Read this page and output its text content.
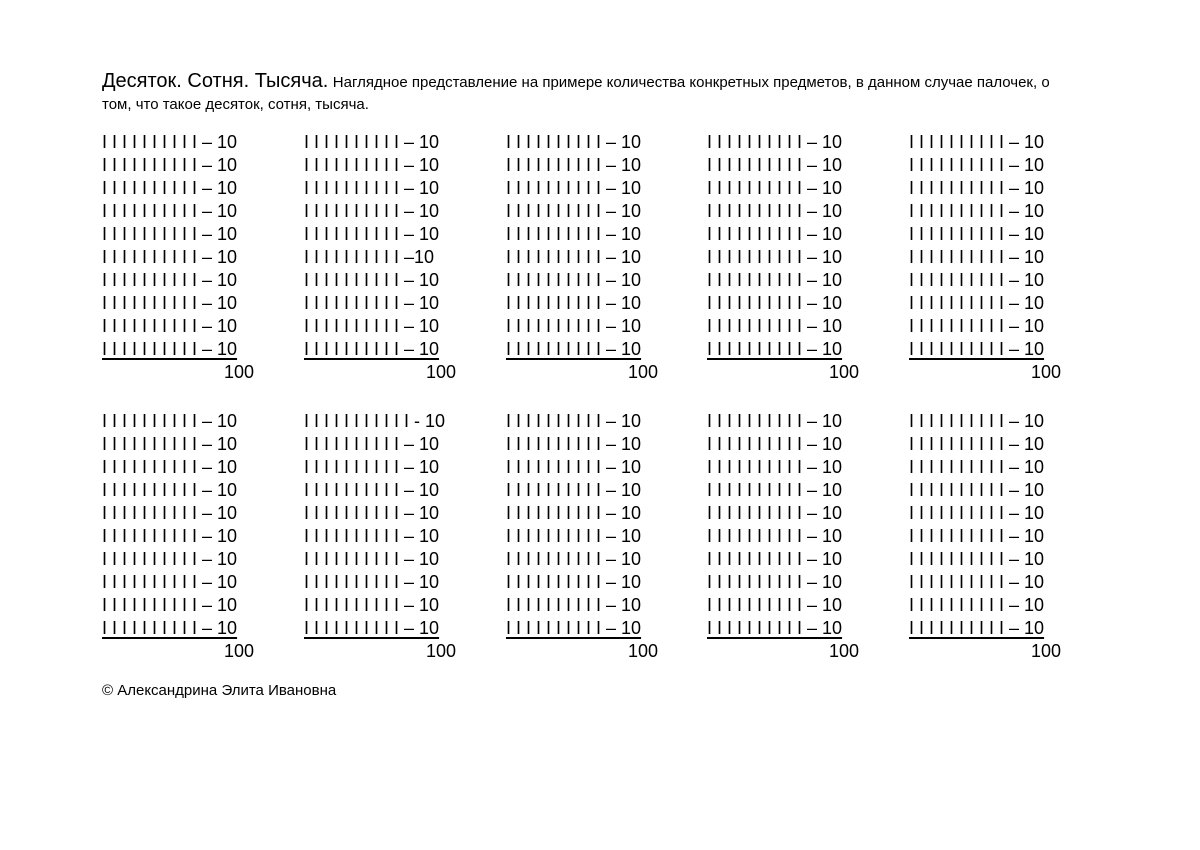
Десяток. Сотня. Тысяча. Наглядное представление на примере количества конкретных предметов, в данном случае палочек, о том, что такое десяток, сотня, тысяча.
I I I I I I I I I I – 10
I I I I I I I I I I – 10
I I I I I I I I I I – 10
I I I I I I I I I I – 10
I I I I I I I I I I – 10
I I I I I I I I I I – 10
I I I I I I I I I I – 10
I I I I I I I I I I – 10
I I I I I I I I I I – 10
I I I I I I I I I I – 10
100
I I I I I I I I I I – 10
I I I I I I I I I I – 10
I I I I I I I I I I – 10
I I I I I I I I I I – 10
I I I I I I I I I I – 10
I I I I I I I I I I –10
I I I I I I I I I I – 10
I I I I I I I I I I – 10
I I I I I I I I I I – 10
I I I I I I I I I I – 10
100
I I I I I I I I I I – 10
I I I I I I I I I I – 10
I I I I I I I I I I – 10
I I I I I I I I I I – 10
I I I I I I I I I I – 10
I I I I I I I I I I – 10
I I I I I I I I I I – 10
I I I I I I I I I I – 10
I I I I I I I I I I – 10
I I I I I I I I I I – 10
100
I I I I I I I I I I – 10
I I I I I I I I I I – 10
I I I I I I I I I I – 10
I I I I I I I I I I – 10
I I I I I I I I I I – 10
I I I I I I I I I I – 10
I I I I I I I I I I – 10
I I I I I I I I I I – 10
I I I I I I I I I I – 10
I I I I I I I I I I – 10
100
I I I I I I I I I I – 10
I I I I I I I I I I – 10
I I I I I I I I I I – 10
I I I I I I I I I I – 10
I I I I I I I I I I – 10
I I I I I I I I I I – 10
I I I I I I I I I I – 10
I I I I I I I I I I – 10
I I I I I I I I I I – 10
I I I I I I I I I I – 10
100
I I I I I I I I I I – 10
I I I I I I I I I I – 10
I I I I I I I I I I – 10
I I I I I I I I I I – 10
I I I I I I I I I I – 10
I I I I I I I I I I – 10
I I I I I I I I I I – 10
I I I I I I I I I I – 10
I I I I I I I I I I – 10
I I I I I I I I I I – 10
100
I I I I I I I I I I I - 10
I I I I I I I I I I – 10
I I I I I I I I I I – 10
I I I I I I I I I I – 10
I I I I I I I I I I – 10
I I I I I I I I I I – 10
I I I I I I I I I I – 10
I I I I I I I I I I – 10
I I I I I I I I I I – 10
I I I I I I I I I I – 10
100
I I I I I I I I I I – 10
I I I I I I I I I I – 10
I I I I I I I I I I – 10
I I I I I I I I I I – 10
I I I I I I I I I I – 10
I I I I I I I I I I – 10
I I I I I I I I I I – 10
I I I I I I I I I I – 10
I I I I I I I I I I – 10
I I I I I I I I I I – 10
100
I I I I I I I I I I – 10
I I I I I I I I I I – 10
I I I I I I I I I I – 10
I I I I I I I I I I – 10
I I I I I I I I I I – 10
I I I I I I I I I I – 10
I I I I I I I I I I – 10
I I I I I I I I I I – 10
I I I I I I I I I I – 10
I I I I I I I I I I – 10
100
I I I I I I I I I I – 10
I I I I I I I I I I – 10
I I I I I I I I I I – 10
I I I I I I I I I I – 10
I I I I I I I I I I – 10
I I I I I I I I I I – 10
I I I I I I I I I I – 10
I I I I I I I I I I – 10
I I I I I I I I I I – 10
I I I I I I I I I I – 10
100
© Александрина Элита Ивановна
